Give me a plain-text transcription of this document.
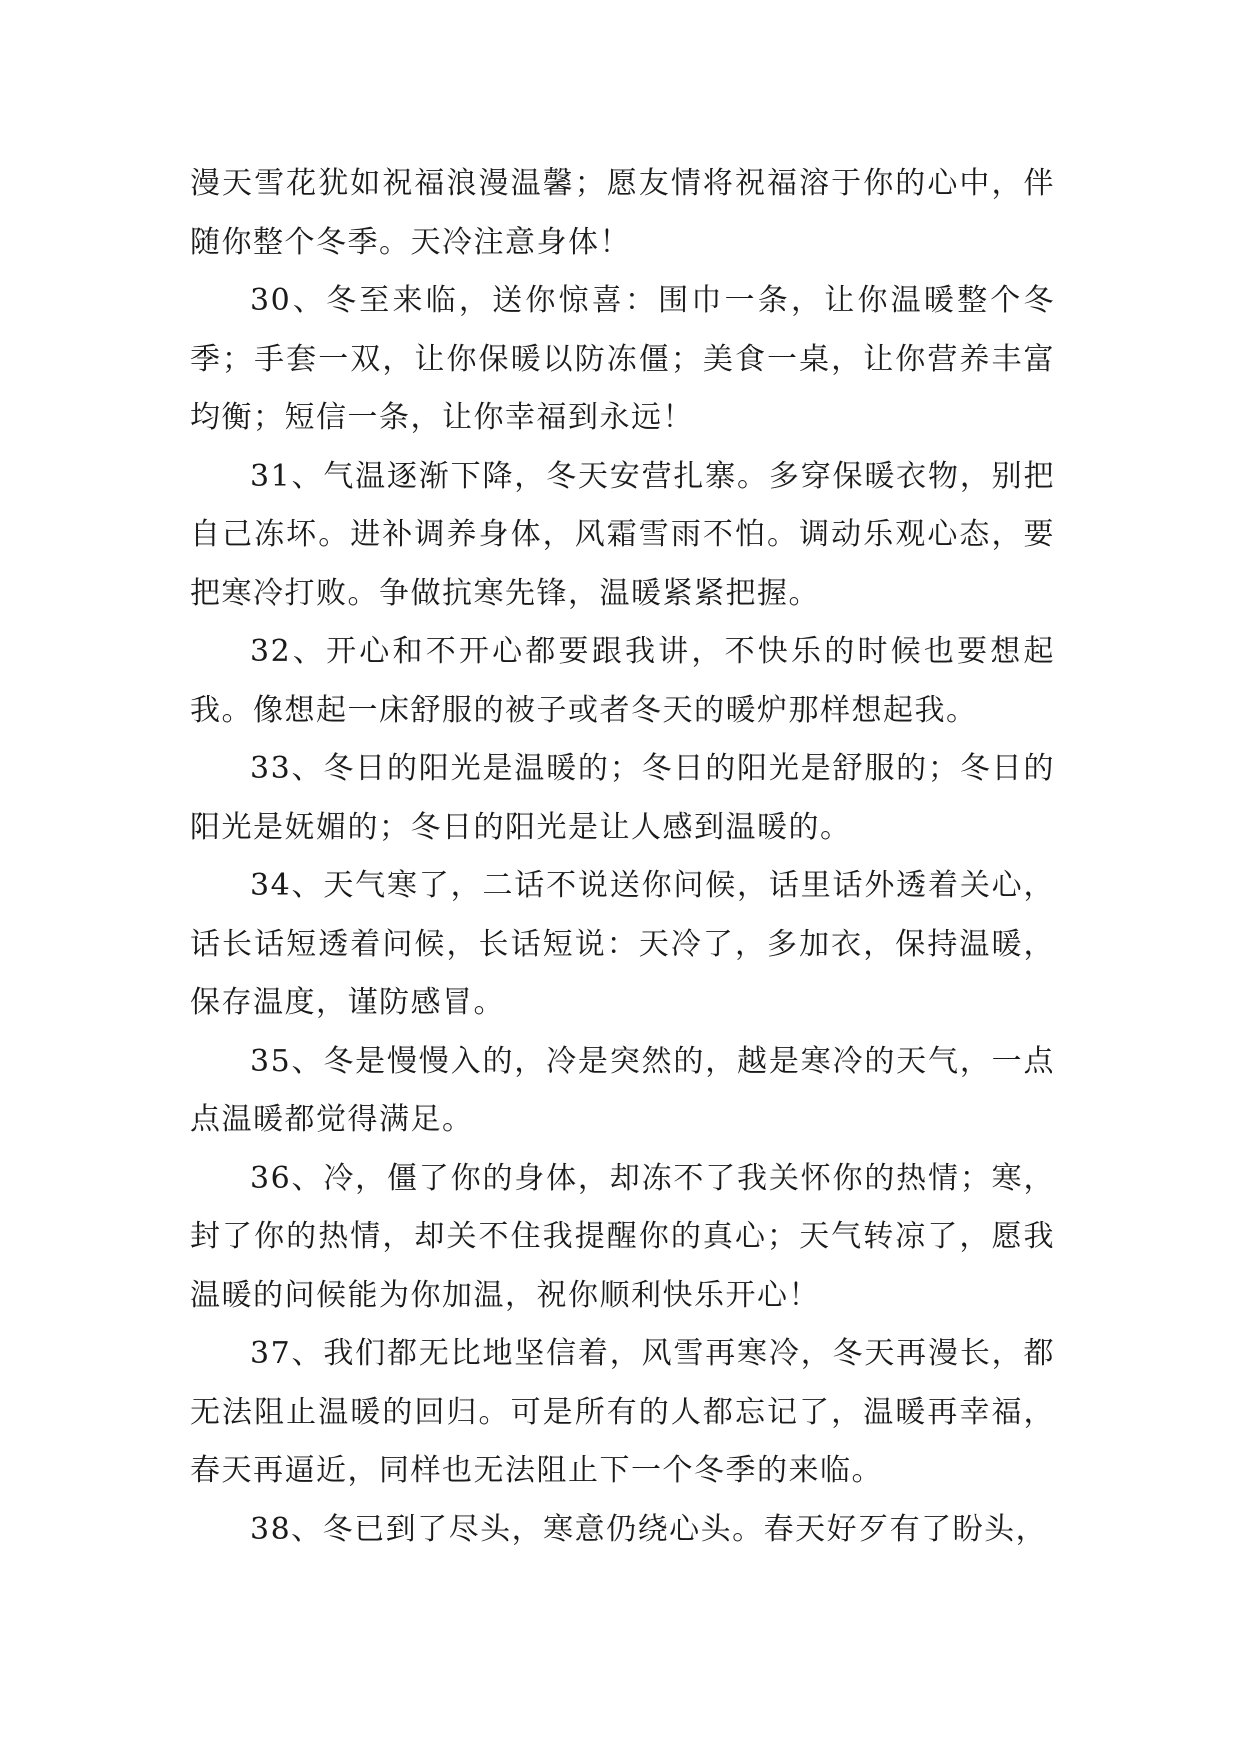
漫天雪花犹如祝福浪漫温馨；愿友情将祝福溶于你的心中，伴随你整个冬季。天冷注意身体！

30、冬至来临，送你惊喜：围巾一条，让你温暖整个冬季；手套一双，让你保暖以防冻僵；美食一桌，让你营养丰富均衡；短信一条，让你幸福到永远！

31、气温逐渐下降，冬天安营扎寨。多穿保暖衣物，别把自己冻坏。进补调养身体，风霜雪雨不怕。调动乐观心态，要把寒冷打败。争做抗寒先锋，温暖紧紧把握。

32、开心和不开心都要跟我讲，不快乐的时候也要想起我。像想起一床舒服的被子或者冬天的暖炉那样想起我。

33、冬日的阳光是温暖的；冬日的阳光是舒服的；冬日的阳光是妩媚的；冬日的阳光是让人感到温暖的。

34、天气寒了，二话不说送你问候，话里话外透着关心，话长话短透着问候，长话短说：天冷了，多加衣，保持温暖，保存温度，谨防感冒。

35、冬是慢慢入的，冷是突然的，越是寒冷的天气，一点点温暖都觉得满足。

36、冷，僵了你的身体，却冻不了我关怀你的热情；寒，封了你的热情，却关不住我提醒你的真心；天气转凉了，愿我温暖的问候能为你加温，祝你顺利快乐开心！

37、我们都无比地坚信着，风雪再寒冷，冬天再漫长，都无法阻止温暖的回归。可是所有的人都忘记了，温暖再幸福，春天再逼近，同样也无法阻止下一个冬季的来临。

38、冬已到了尽头，寒意仍绕心头。春天好歹有了盼头，
